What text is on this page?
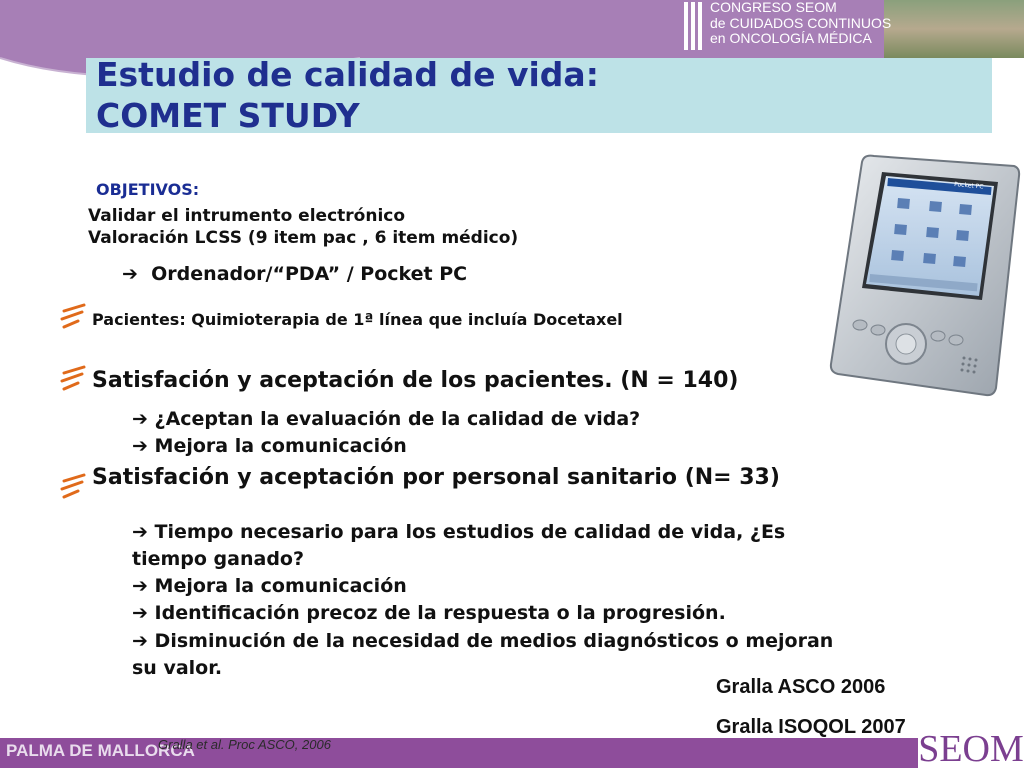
CONGRESO SEOM
de CUIDADOS CONTINUOS
en ONCOLOGÍA MÉDICA
Estudio de calidad de vida:
COMET STUDY
OBJETIVOS:
Validar el intrumento electrónico
Valoración LCSS (9 item pac , 6 item médico)
➔ Ordenador/“PDA” / Pocket PC
Pacientes: Quimioterapia de 1ª línea que incluía Docetaxel
Satisfación y aceptación de los pacientes. (N = 140)
➔ ¿Aceptan la evaluación de la calidad de vida?
➔ Mejora la comunicación
Satisfación y aceptación por personal sanitario (N= 33)
➔ Tiempo necesario para los estudios de calidad de vida, ¿Es
tiempo ganado?
➔ Mejora la comunicación
➔ Identificación precoz de la respuesta o la progresión.
➔ Disminución de la necesidad de medios diagnósticos o mejoran
su valor.
Gralla ASCO 2006
Gralla ISOQOL 2007
Pocket PC
PALMA DE MALLORCA
Gralla et al. Proc ASCO, 2006	SEOM
